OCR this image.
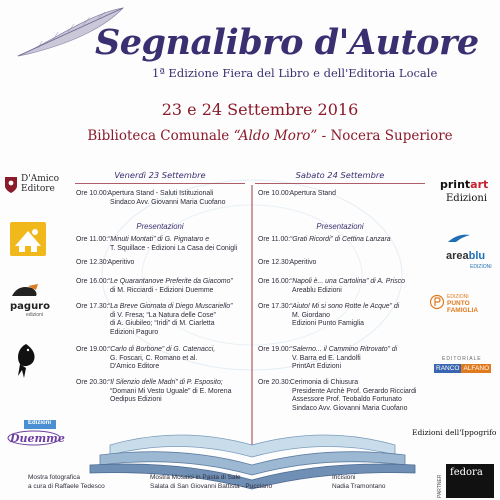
Segnalibro d'Autore
1ª Edizione Fiera del Libro e dell'Editoria Locale
23 e 24 Settembre 2016
Biblioteca Comunale “Aldo Moro” - Nocera Superiore
Venerdì 23 Settembre
Ore 10.00: Apertura Stand - Saluti Istituzionali
Sindaco Avv. Giovanni Maria Cuofano
Presentazioni
Ore 11.00: “Minuti Montati” di G. Pignataro e
T. Squillace - Edizioni La Casa dei Conigli
Ore 12.30: Aperitivo
Ore 16.00: “Le Quarantanove Preferite da Giacomo”
di M. Ricciardi - Edizioni Duemme
Ore 17.30: “La Breve Giornata di Diego Muscariello”
di V. Fresa; “La Natura delle Cose”
di A. Giubileo; “Iridi” di M. Ciarletta
Edizioni Paguro
Ore 19.00: “Carlo di Borbone” di G. Catenacci,
G. Foscari, C. Romano et al.
D'Amico Editore
Ore 20.30: “Il Silenzio delle Madri” di P. Esposito;
“Domani Mi Vesto Uguale” di E. Morena
Oedipus Edizioni
Sabato 24 Settembre
Ore 10.00: Apertura Stand
Presentazioni
Ore 11.00: “Grati Ricordi” di Cettina Lanzara
Ore 12.30: Aperitivo
Ore 16.00: “Napoli è... una Cartolina” di A. Prisco
Areablu Edizioni
Ore 17.30: “Aiuto! Mi si sono Rotte le Acque” di
M. Giordano
Edizioni Punto Famiglia
Ore 19.00: “Salerno... il Cammino Ritrovato” di
V. Barra ed E. Landolfi
PrintArt Edizioni
Ore 20.30: Cerimonia di Chiusura
Presidente Archè Prof. Gerardo Ricciardi
Assessore Prof. Teobaldo Fortunato
Sindaco Avv. Giovanni Maria Cuofano
D'Amico
Editore
paguro
edizioni
Edizioni
Duemme
printart
Edizioni
areablu
EDIZIONI
EDIZIONI
PUNTO FAMIGLIA
EDITORIALE
RANCO ALFANO
Edizioni dell'Ippogrifo
Mostra fotografica
a cura di Raffaele Tedesco
Mostra Mosaici in Pasta di Sale
Salata di San Giovanni Battista - Pucciano
Incisioni
Nadia Tramontano	PARTNER
fedora
